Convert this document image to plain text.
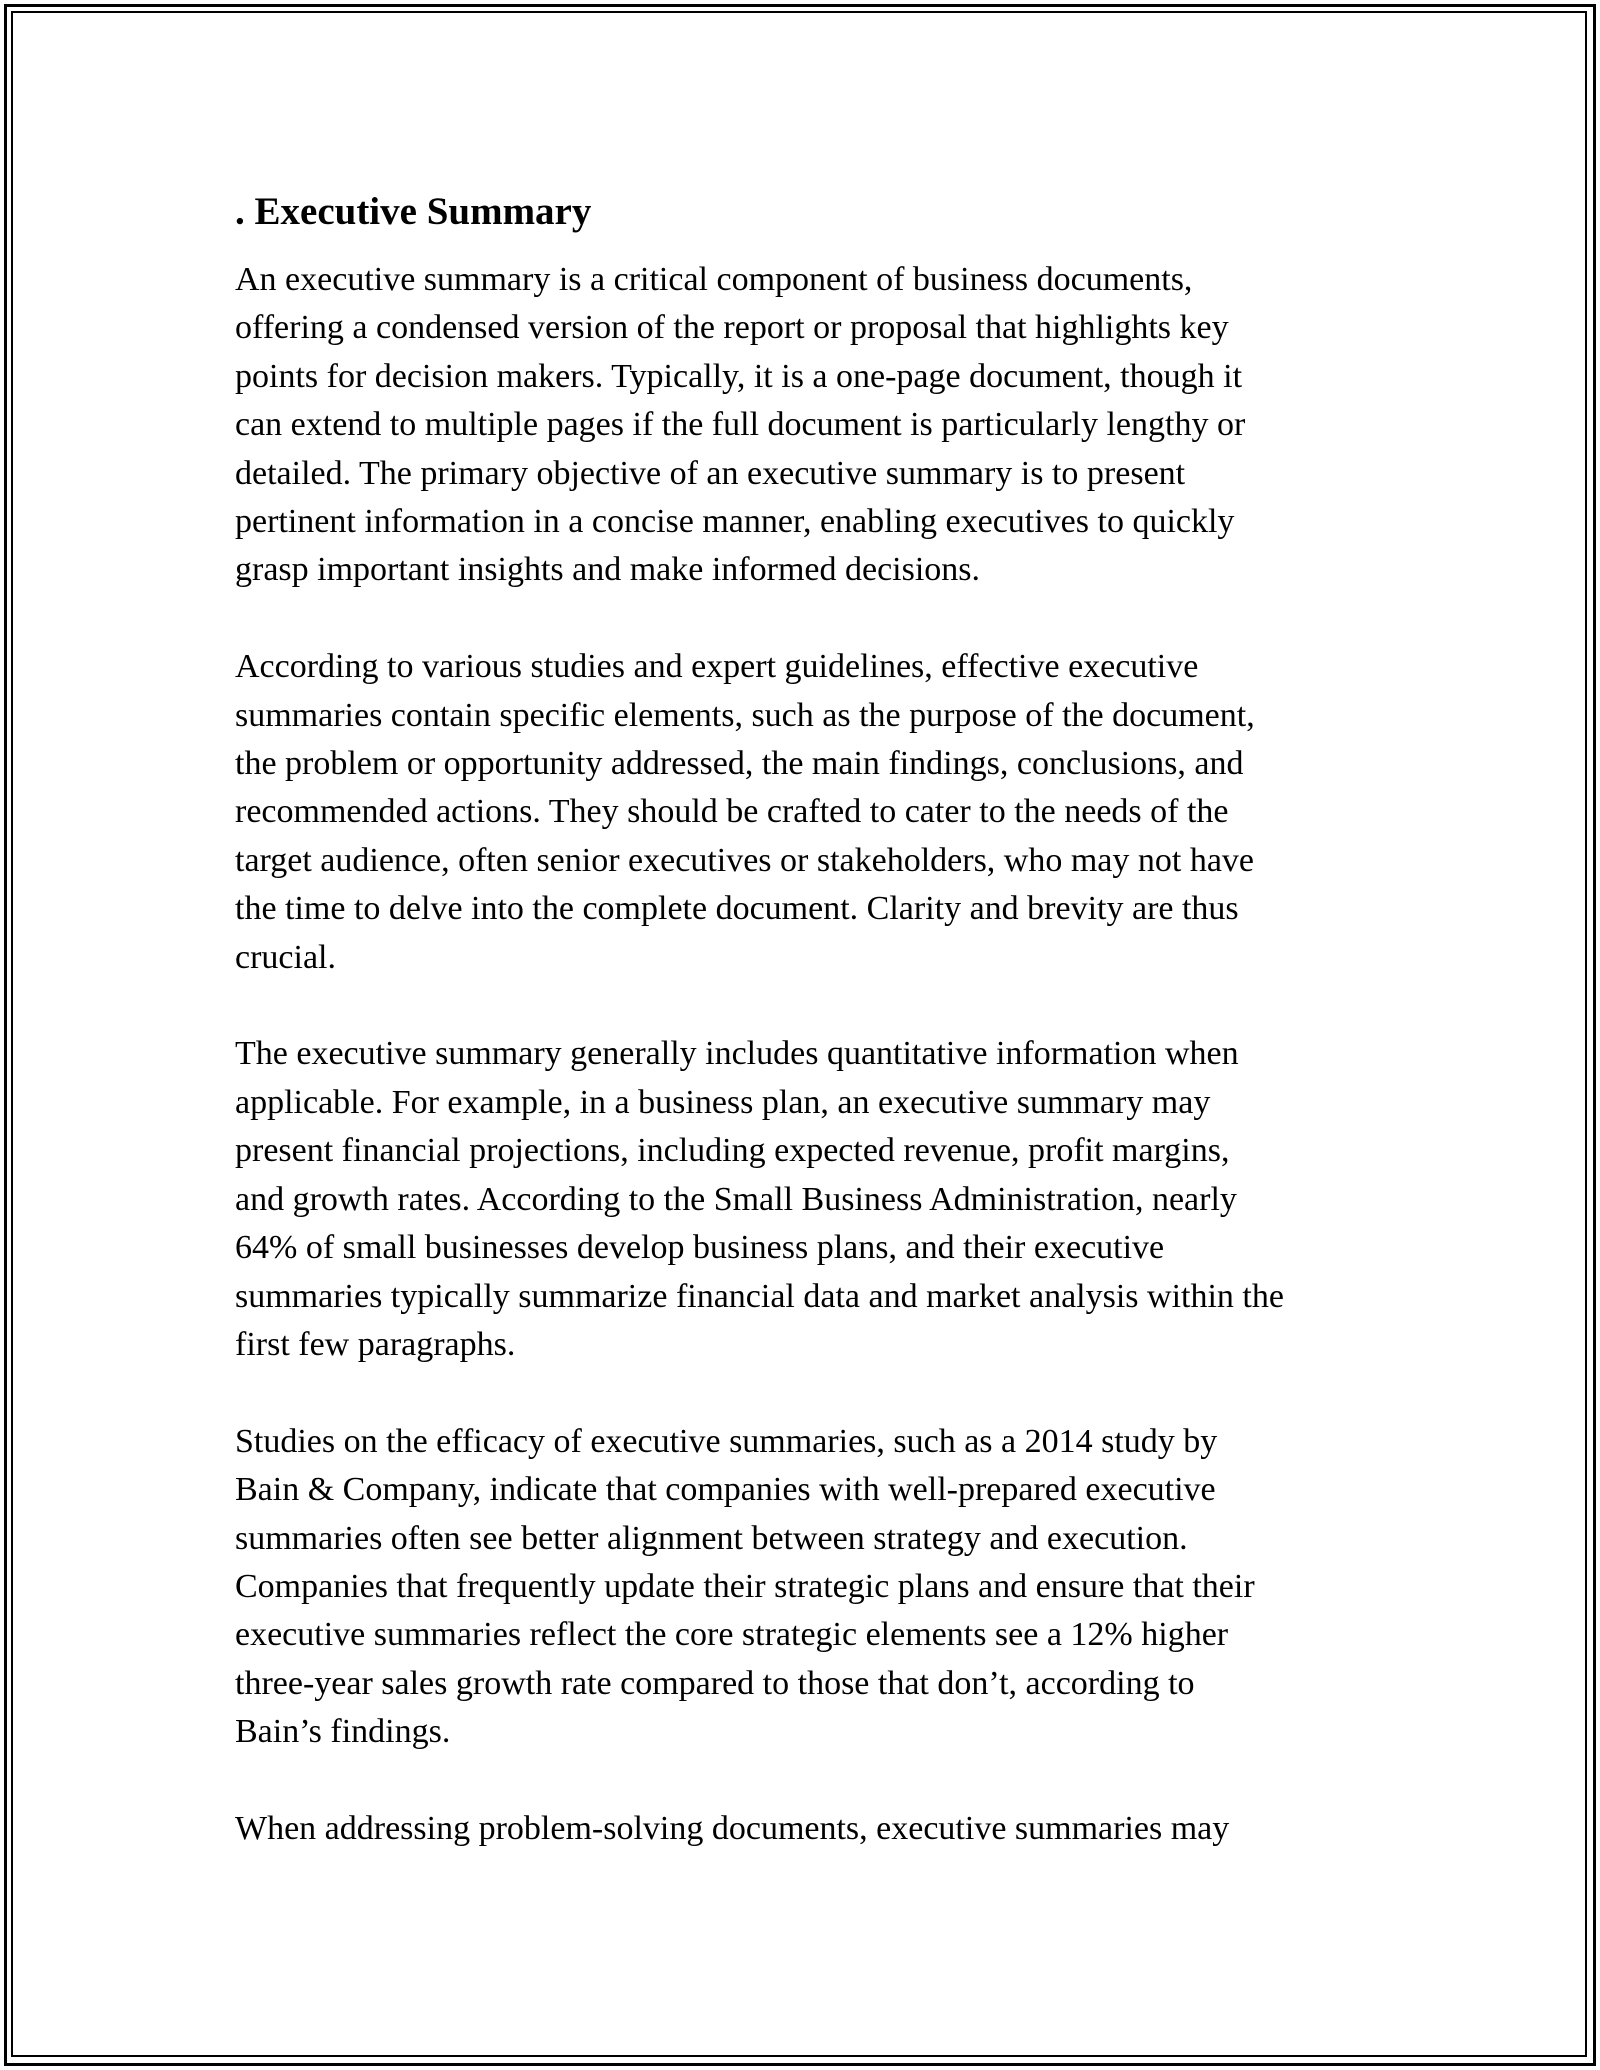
. Executive Summary
An executive summary is a critical component of business documents,
offering a condensed version of the report or proposal that highlights key
points for decision makers. Typically, it is a one-page document, though it
can extend to multiple pages if the full document is particularly lengthy or
detailed. The primary objective of an executive summary is to present
pertinent information in a concise manner, enabling executives to quickly
grasp important insights and make informed decisions.
According to various studies and expert guidelines, effective executive
summaries contain specific elements, such as the purpose of the document,
the problem or opportunity addressed, the main findings, conclusions, and
recommended actions. They should be crafted to cater to the needs of the
target audience, often senior executives or stakeholders, who may not have
the time to delve into the complete document. Clarity and brevity are thus
crucial.
The executive summary generally includes quantitative information when
applicable. For example, in a business plan, an executive summary may
present financial projections, including expected revenue, profit margins,
and growth rates. According to the Small Business Administration, nearly
64% of small businesses develop business plans, and their executive
summaries typically summarize financial data and market analysis within the
first few paragraphs.
Studies on the efficacy of executive summaries, such as a 2014 study by
Bain & Company, indicate that companies with well-prepared executive
summaries often see better alignment between strategy and execution.
Companies that frequently update their strategic plans and ensure that their
executive summaries reflect the core strategic elements see a 12% higher
three-year sales growth rate compared to those that don’t, according to
Bain’s findings.
When addressing problem-solving documents, executive summaries may
